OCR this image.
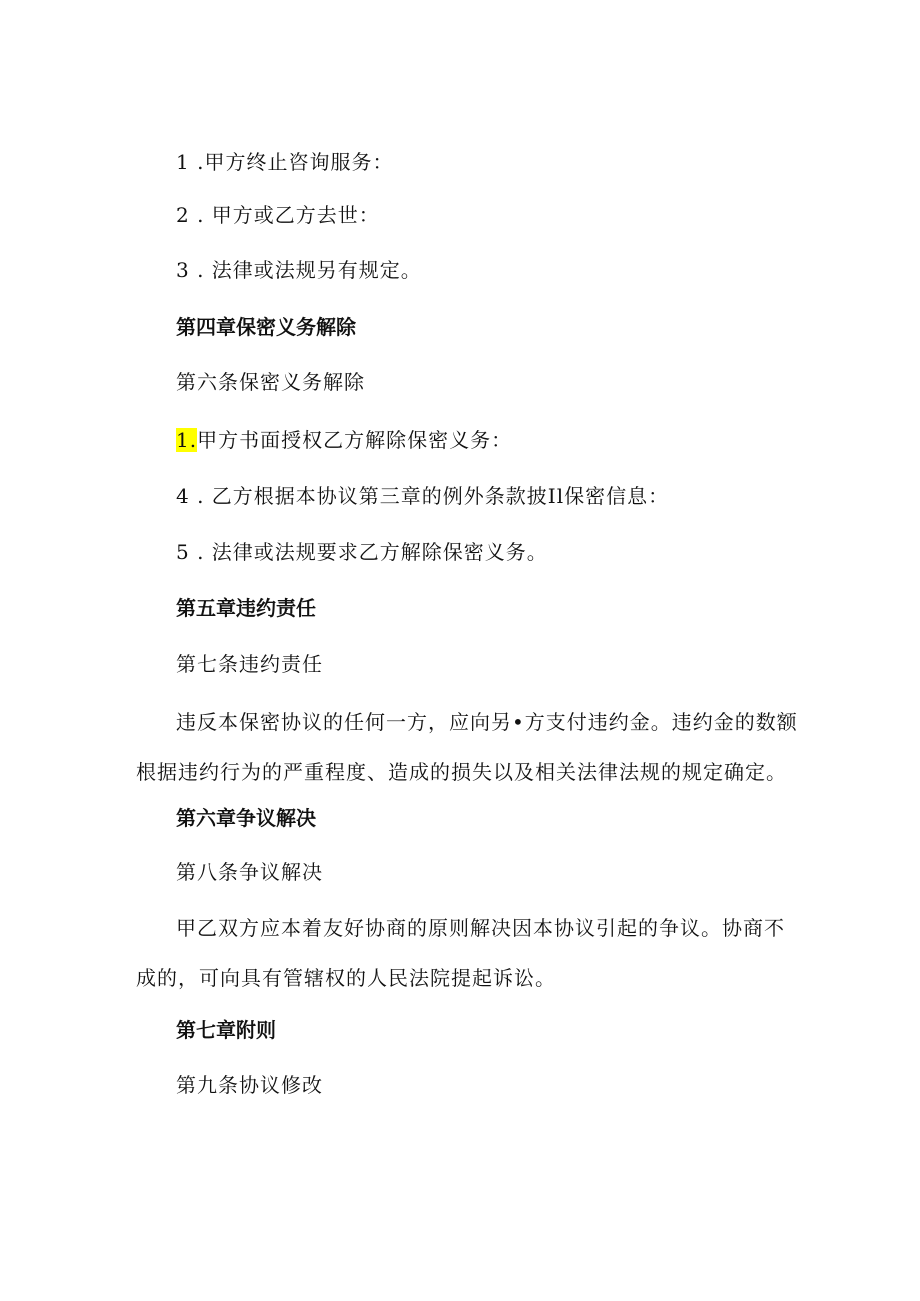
1 .甲方终止咨询服务：
2 . 甲方或乙方去世：
3 . 法律或法规另有规定。
第四章保密义务解除
第六条保密义务解除
1.甲方书面授权乙方解除保密义务：
4 . 乙方根据本协议第三章的例外条款披Il保密信息：
5 . 法律或法规要求乙方解除保密义务。
第五章违约责任
第七条违约责任
违反本保密协议的任何一方，应向另•方支付违约金。违约金的数额根据违约行为的严重程度、造成的损失以及相关法律法规的规定确定。
第六章争议解决
第八条争议解决
甲乙双方应本着友好协商的原则解决因本协议引起的争议。协商不成的，可向具有管辖权的人民法院提起诉讼。
第七章附则
第九条协议修改
